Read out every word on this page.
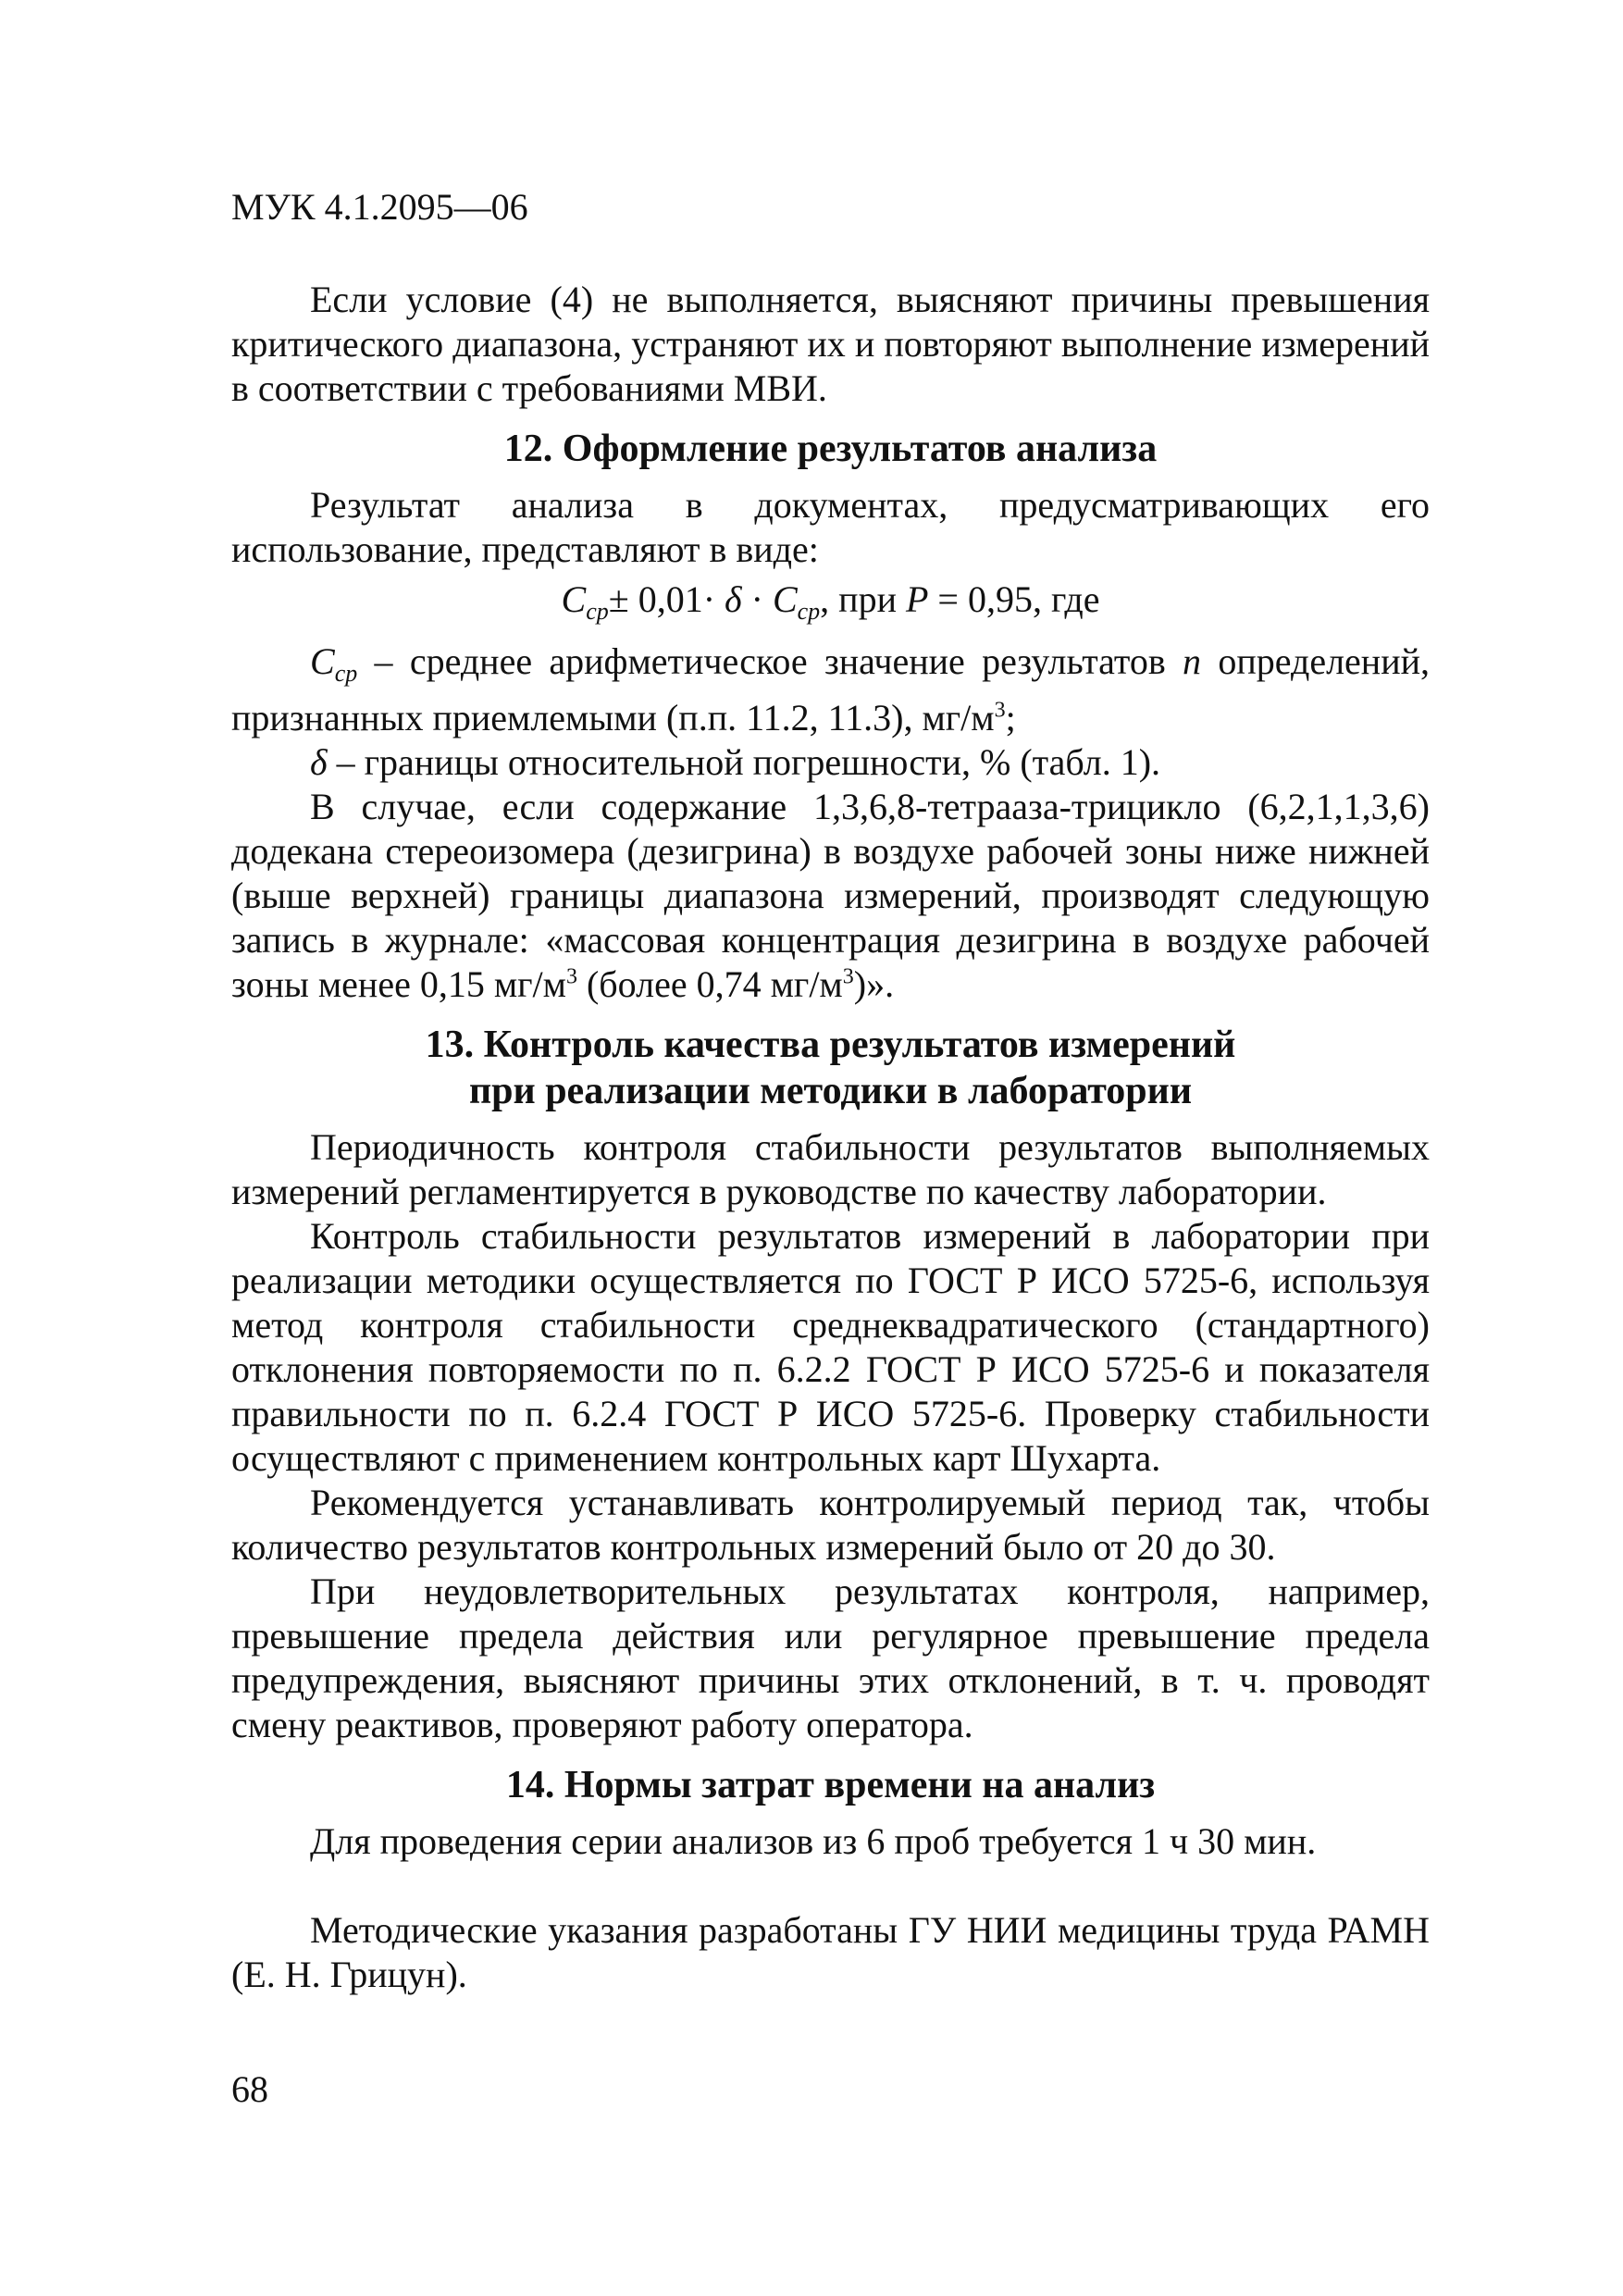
МУК 4.1.2095—06

Если условие (4) не выполняется, выясняют причины превышения критического диапазона, устраняют их и повторяют выполнение измерений в соответствии с требованиями МВИ.

12. Оформление результатов анализа

Результат анализа в документах, предусматривающих его использование, представляют в виде:

$C_{ср}\pm 0,01\cdot \delta \cdot C_{ср}$, при P = 0,95, где

$C_{ср}$ – среднее арифметическое значение результатов n определений, признанных приемлемыми (п.п. 11.2, 11.3), $мг/м^3$;

δ – границы относительной погрешности, % (табл. 1).

В случае, если содержание 1,3,6,8-тетрааза-трицикло (6,2,1,1,3,6) додекана стереоизомера (дезигрина) в воздухе рабочей зоны ниже нижней (выше верхней) границы диапазона измерений, производят следующую запись в журнале: «массовая концентрация дезигрина в воздухе рабочей зоны менее 0,15 $мг/м^3$ (более 0,74 $мг/м^3$)».

13. Контроль качества результатов измерений
при реализации методики в лаборатории

Периодичность контроля стабильности результатов выполняемых измерений регламентируется в руководстве по качеству лаборатории.

Контроль стабильности результатов измерений в лаборатории при реализации методики осуществляется по ГОСТ Р ИСО 5725-6, используя метод контроля стабильности среднеквадратического (стандартного) отклонения повторяемости по п. 6.2.2 ГОСТ Р ИСО 5725-6 и показателя правильности по п. 6.2.4 ГОСТ Р ИСО 5725-6. Проверку стабильности осуществляют с применением контрольных карт Шухарта.

Рекомендуется устанавливать контролируемый период так, чтобы количество результатов контрольных измерений было от 20 до 30.

При неудовлетворительных результатах контроля, например, превышение предела действия или регулярное превышение предела предупреждения, выясняют причины этих отклонений, в т. ч. проводят смену реактивов, проверяют работу оператора.

14. Нормы затрат времени на анализ

Для проведения серии анализов из 6 проб требуется 1 ч 30 мин.

Методические указания разработаны ГУ НИИ медицины труда РАМН (Е. Н. Грицун).

68
